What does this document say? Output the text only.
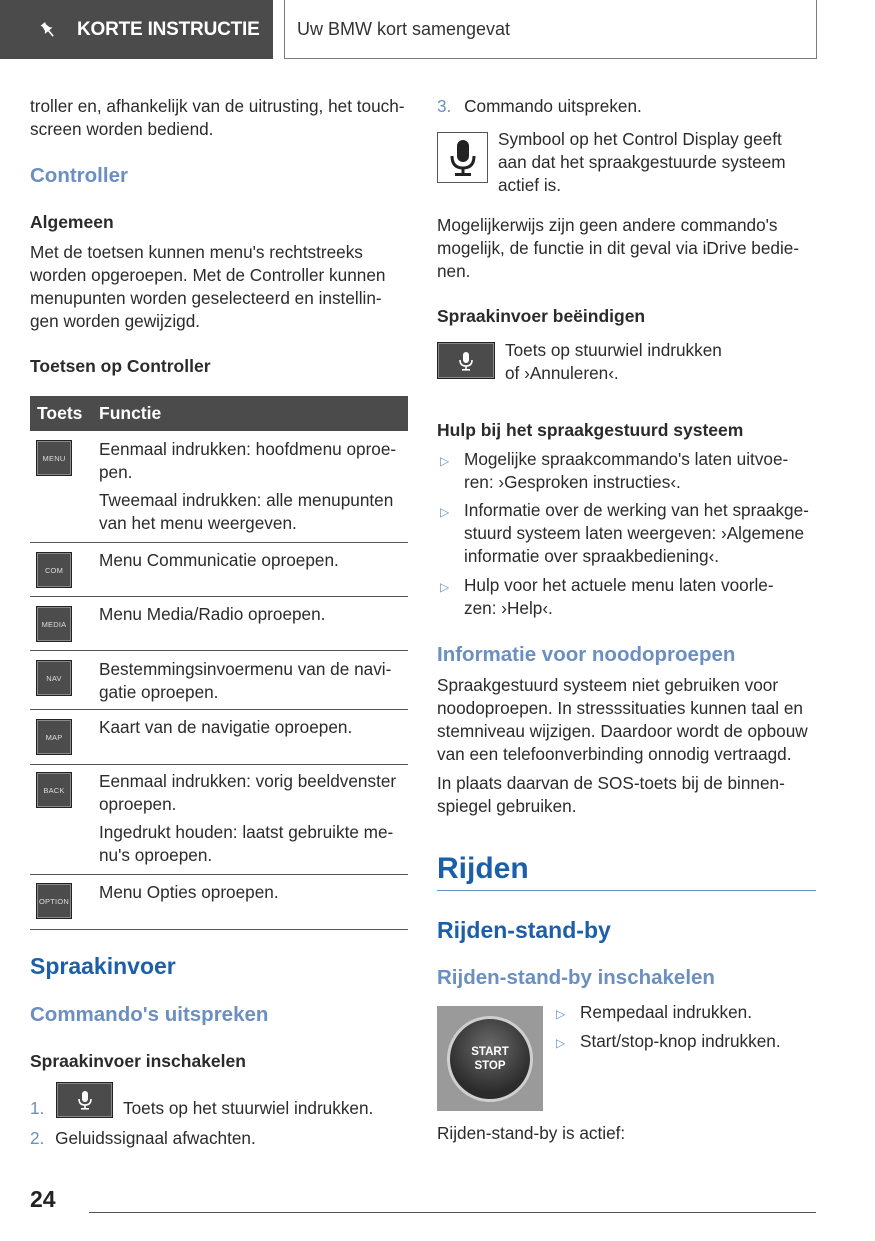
KORTE INSTRUCTIE Uw BMW kort samengevat
troller en, afhankelijk van de uitrusting, het touch-
screen worden bediend.
Controller
Algemeen
Met de toetsen kunnen menu's rechtstreeks
worden opgeroepen. Met de Controller kunnen
menupunten worden geselecteerd en instellin-
gen worden gewijzigd.
Toetsen op Controller
Toets Functie
MENU	Eenmaal indrukken: hoofdmenu oproe-
pen.
Tweemaal indrukken: alle menupunten
van het menu weergeven.
COM	Menu Communicatie oproepen.
MEDIA	Menu Media/Radio oproepen.
NAV	Bestemmingsinvoermenu van de navi-
gatie oproepen.
MAP	Kaart van de navigatie oproepen.
BACK	Eenmaal indrukken: vorig beeldvenster
oproepen.
Ingedrukt houden: laatst gebruikte me-
nu's oproepen.
OPTION Menu Opties oproepen.
Spraakinvoer
Commando's uitspreken
Spraakinvoer inschakelen
1.	Toets op het stuurwiel indrukken.
2. Geluidssignaal afwachten.
3. Commando uitspreken.
Symbool op het Control Display geeft
aan dat het spraakgestuurde systeem
actief is.
Mogelijkerwijs zijn geen andere commando's
mogelijk, de functie in dit geval via iDrive bedie-
nen.
Spraakinvoer beëindigen
Toets op stuurwiel indrukken
of ›Annuleren‹.
Hulp bij het spraakgestuurd systeem
▷ Mogelijke spraakcommando's laten uitvoe-
ren: ›Gesproken instructies‹.
▷ Informatie over de werking van het spraakge-
stuurd systeem laten weergeven: ›Algemene
informatie over spraakbediening‹.
▷ Hulp voor het actuele menu laten voorle-
zen: ›Help‹.
Informatie voor noodoproepen
Spraakgestuurd systeem niet gebruiken voor
noodoproepen. In stresssituaties kunnen taal en
stemniveau wijzigen. Daardoor wordt de opbouw
van een telefoonverbinding onnodig vertraagd.
In plaats daarvan de SOS-toets bij de binnen-
spiegel gebruiken.
Rijden
Rijden-stand-by
Rijden-stand-by inschakelen
START
STOP
▷ Rempedaal indrukken.
▷ Start/stop-knop indrukken.
Rijden-stand-by is actief:
24
